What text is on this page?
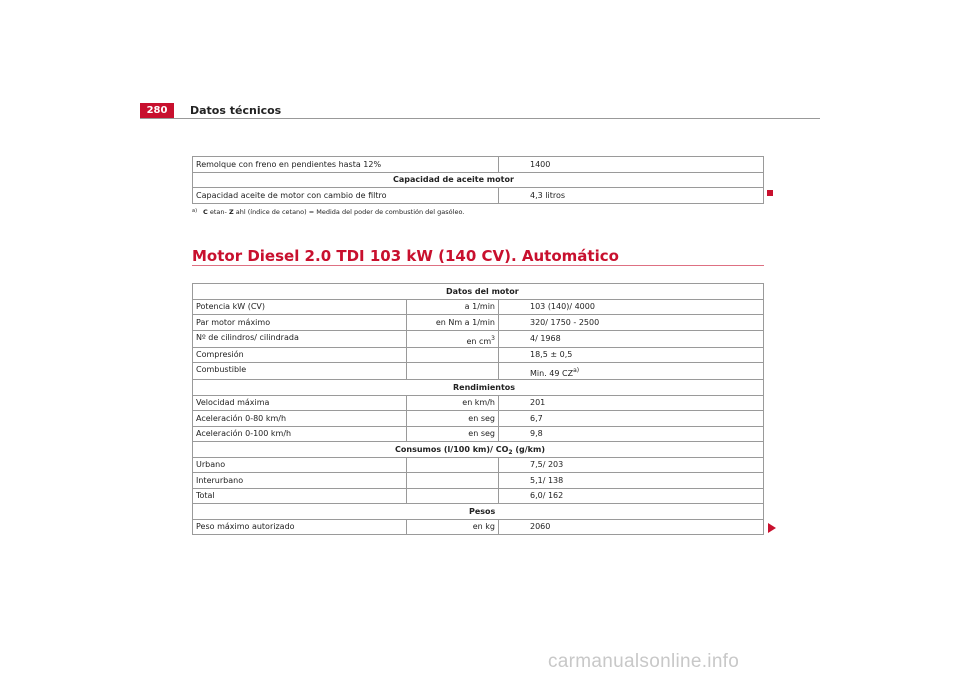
280	Datos técnicos
Remolque con freno en pendientes hasta 12%	1400
Capacidad de aceite motor	
Capacidad aceite de motor con cambio de filtro	4,3 litros
$^{a)}$ C etan- Z ahl (índice de cetano) = Medida del poder de combustión del gasóleo.
Motor Diesel 2.0 TDI 103 kW (140 CV). Automático
Datos del motor		
Potencia kW (CV)	a 1/min	103 (140)/ 4000
Par motor máximo	en Nm a 1/min	320/ 1750 - 2500
Nº de cilindros/ cilindrada	en $cm^3$	4/ 1968
Compresión		18,5 ± 0,5
Combustible		Min. 49 CZ$^{a)}$
Rendimientos		
Velocidad máxima	en km/h	201
Aceleración 0-80 km/h	en seg	6,7
Aceleración 0-100 km/h	en seg	9,8
Consumos (l/100 km)/ $CO_2$ (g/km)		
Urbano		7,5/ 203
Interurbano		5,1/ 138
Total		6,0/ 162
Pesos		
Peso máximo autorizado	en kg	2060
carmanualsonline.info
